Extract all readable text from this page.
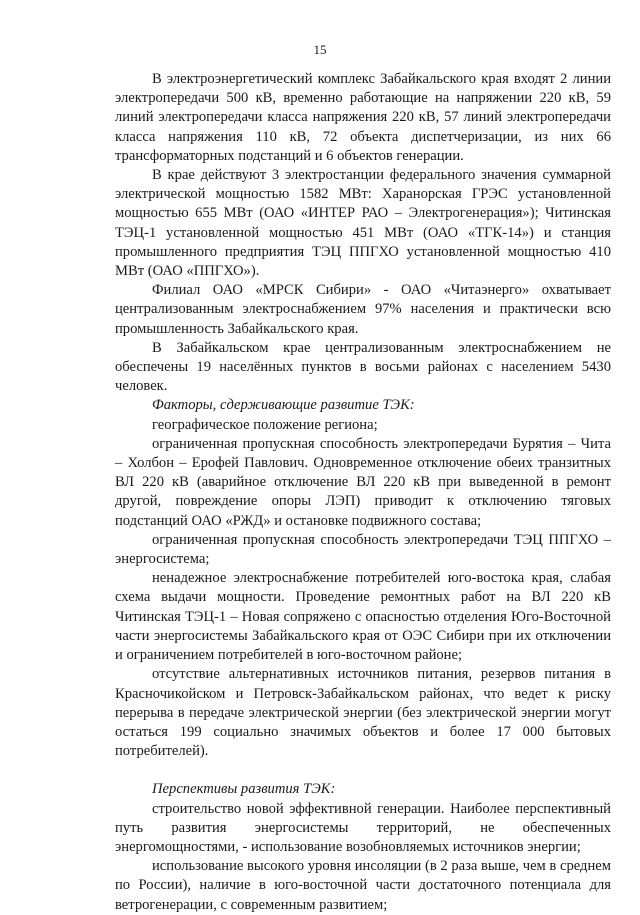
15

В электроэнергетический комплекс Забайкальского края входят 2 линии электропередачи 500 кВ, временно работающие на напряжении 220 кВ, 59 линий электропередачи класса напряжения 220 кВ, 57 линий электропередачи класса напряжения 110 кВ, 72 объекта диспетчеризации, из них 66 трансформаторных подстанций и 6 объектов генерации.

В крае действуют 3 электростанции федерального значения суммарной электрической мощностью 1582 МВт: Харанорская ГРЭС установленной мощностью 655 МВт (ОАО «ИНТЕР РАО – Электрогенерация»); Читинская ТЭЦ-1 установленной мощностью 451 МВт (ОАО «ТГК-14») и станция промышленного предприятия ТЭЦ ППГХО установленной мощностью 410 МВт (ОАО «ППГХО»).

Филиал ОАО «МРСК Сибири» - ОАО «Читаэнерго» охватывает централизованным электроснабжением 97% населения и практически всю промышленность Забайкальского края.

В Забайкальском крае централизованным электроснабжением не обеспечены 19 населённых пунктов в восьми районах с населением 5430 человек.

Факторы, сдерживающие развитие ТЭК:

географическое положение региона;

ограниченная пропускная способность электропередачи Бурятия – Чита – Холбон – Ерофей Павлович. Одновременное отключение обеих транзитных ВЛ 220 кВ (аварийное отключение ВЛ 220 кВ при выведенной в ремонт другой, повреждение опоры ЛЭП) приводит к отключению тяговых подстанций ОАО «РЖД» и остановке подвижного состава;

ограниченная пропускная способность электропередачи ТЭЦ ППГХО – энергосистема;

ненадежное электроснабжение потребителей юго-востока края, слабая схема выдачи мощности. Проведение ремонтных работ на ВЛ 220 кВ Читинская ТЭЦ-1 – Новая сопряжено с опасностью отделения Юго-Восточной части энергосистемы Забайкальского края от ОЭС Сибири при их отключении и ограничением потребителей в юго-восточном районе;

отсутствие альтернативных источников питания, резервов питания в Красночикойском и Петровск-Забайкальском районах, что ведет к риску перерыва в передаче электрической энергии (без электрической энергии могут остаться 199 социально значимых объектов и более 17 000 бытовых потребителей).

Перспективы развития ТЭК:

строительство новой эффективной генерации. Наиболее перспективный путь развития энергосистемы территорий, не обеспеченных энергомощностями, - использование возобновляемых источников энергии;

использование высокого уровня инсоляции (в 2 раза выше, чем в среднем по России), наличие в юго-восточной части достаточного потенциала для ветрогенерации, с современным развитием;
